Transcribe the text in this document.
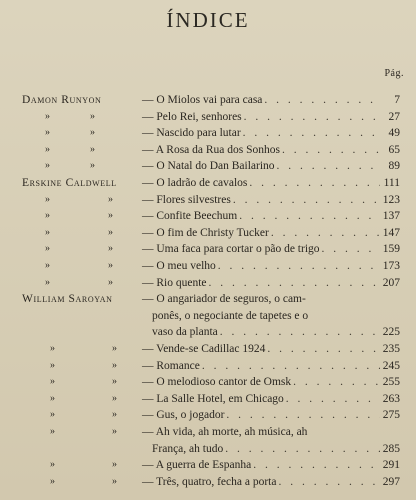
ÍNDICE
Pág.
Damon Runyon	— O Miolos vai para casa . . .	7
»	»	— Pelo Rei, senhores . . .	27
»	»	— Nascido para lutar . . .	49
»	»	— A Rosa da Rua dos Sonhos . . .	65
»	»	— O Natal do Dan Bailarino . . .	89
Erskine Caldwell — O ladrão de cavalos . . .	111
»	»	— Flores silvestres . . .	123
»	»	— Confite Beechum . . .	137
»	»	— O fim de Christy Tucker . . .	147
»	»	— Uma faca para cortar o pão de trigo . . .	159
»	»	— O meu velho . . .	173
»	»	— Rio quente . . .	207
William Saroyan	— O angariador de seguros, o cam-
ponês, o negociante de tapetes e o
vaso da planta . . .	225
»	» — Vende-se Cadillac 1924 . . .	235
»	» — Romance . . .	245
»	» — O melodioso cantor de Omsk . . .	255
»	» — La Salle Hotel, em Chicago . . .	263
»	» — Gus, o jogador . . .	275
»	» — Ah vida, ah morte, ah música, ah
França, ah tudo . . .	285
»	» — A guerra de Espanha . . .	291
»	» — Três, quatro, fecha a porta . . .	297
